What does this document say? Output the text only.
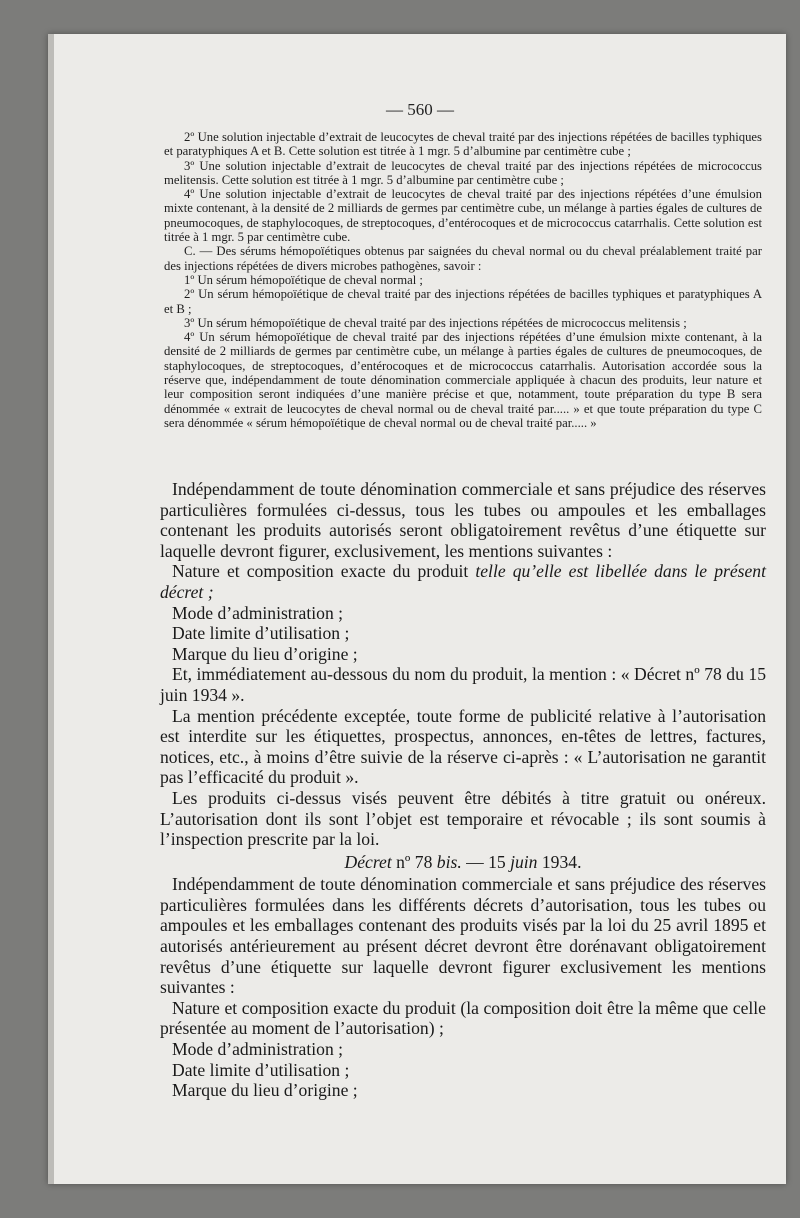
— 560 —

2º Une solution injectable d’extrait de leucocytes de cheval traité par des injections répétées de bacilles typhiques et paratyphiques A et B. Cette solution est titrée à 1 mgr. 5 d’albumine par centimètre cube ;

3º Une solution injectable d’extrait de leucocytes de cheval traité par des injections répétées de micrococcus melitensis. Cette solution est titrée à 1 mgr. 5 d’albumine par centimètre cube ;

4º Une solution injectable d’extrait de leucocytes de cheval traité par des injections répétées d’une émulsion mixte contenant, à la densité de 2 milliards de germes par centimètre cube, un mélange à parties égales de cultures de pneumocoques, de staphylocoques, de streptocoques, d’entérocoques et de micrococcus catarrhalis. Cette solution est titrée à 1 mgr. 5 par centimètre cube.

C. — Des sérums hémopoïétiques obtenus par saignées du cheval normal ou du cheval préalablement traité par des injections répétées de divers microbes pathogènes, savoir :

1º Un sérum hémopoïétique de cheval normal ;

2º Un sérum hémopoïétique de cheval traité par des injections répétées de bacilles typhiques et paratyphiques A et B ;

3º Un sérum hémopoïétique de cheval traité par des injections répétées de micrococcus melitensis ;

4º Un sérum hémopoïétique de cheval traité par des injections répétées d’une émulsion mixte contenant, à la densité de 2 milliards de germes par centimètre cube, un mélange à parties égales de cultures de pneumocoques, de staphylocoques, de streptocoques, d’entérocoques et de micrococcus catarrhalis. Autorisation accordée sous la réserve que, indépendamment de toute dénomination commerciale appliquée à chacun des produits, leur nature et leur composition seront indiquées d’une manière précise et que, notamment, toute préparation du type B sera dénommée « extrait de leucocytes de cheval normal ou de cheval traité par..... » et que toute préparation du type C sera dénommée « sérum hémopoïétique de cheval normal ou de cheval traité par..... »

Indépendamment de toute dénomination commerciale et sans préjudice des réserves particulières formulées ci-dessus, tous les tubes ou ampoules et les emballages contenant les produits autorisés seront obligatoirement revêtus d’une étiquette sur laquelle devront figurer, exclusivement, les mentions suivantes :

Nature et composition exacte du produit telle qu’elle est libellée dans le présent décret ;

Mode d’administration ;

Date limite d’utilisation ;

Marque du lieu d’origine ;

Et, immédiatement au-dessous du nom du produit, la mention : « Décret nº 78 du 15 juin 1934 ».

La mention précédente exceptée, toute forme de publicité relative à l’autorisation est interdite sur les étiquettes, prospectus, annonces, en-têtes de lettres, factures, notices, etc., à moins d’être suivie de la réserve ci-après : « L’autorisation ne garantit pas l’efficacité du produit ».

Les produits ci-dessus visés peuvent être débités à titre gratuit ou onéreux. L’autorisation dont ils sont l’objet est temporaire et révocable ; ils sont soumis à l’inspection prescrite par la loi.

Décret nº 78 bis. — 15 juin 1934.

Indépendamment de toute dénomination commerciale et sans préjudice des réserves particulières formulées dans les différents décrets d’autorisation, tous les tubes ou ampoules et les emballages contenant des produits visés par la loi du 25 avril 1895 et autorisés antérieurement au présent décret devront être dorénavant obligatoirement revêtus d’une étiquette sur laquelle devront figurer exclusivement les mentions suivantes :

Nature et composition exacte du produit (la composition doit être la même que celle présentée au moment de l’autorisation) ;

Mode d’administration ;

Date limite d’utilisation ;

Marque du lieu d’origine ;
